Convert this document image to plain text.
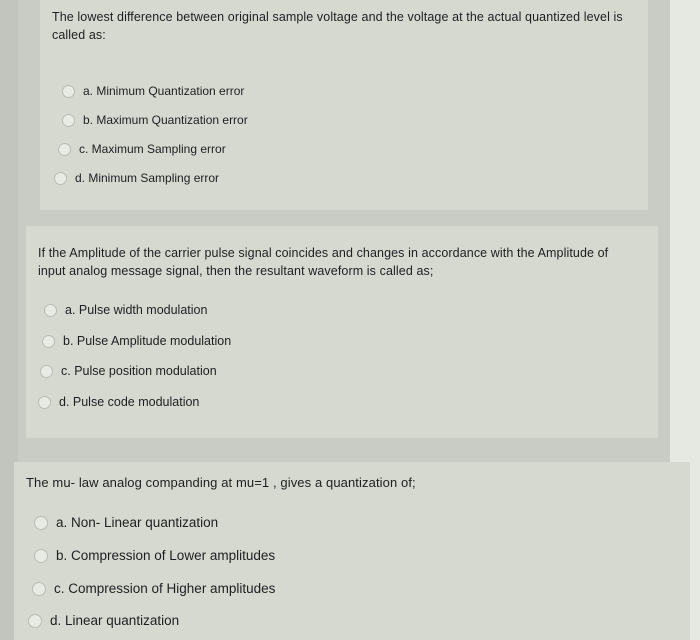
The lowest difference between original sample voltage and the voltage at the actual quantized level is called as:
a. Minimum Quantization error
b. Maximum Quantization error
c. Maximum Sampling error
d. Minimum Sampling error
If the Amplitude of the carrier pulse signal coincides and changes in accordance with the Amplitude of input analog message signal, then the resultant waveform is called as;
a. Pulse width modulation
b. Pulse Amplitude modulation
c. Pulse position modulation
d. Pulse code modulation
The mu- law analog companding at mu=1 , gives a quantization of;
a. Non- Linear quantization
b. Compression of Lower amplitudes
c. Compression of Higher amplitudes
d. Linear quantization
